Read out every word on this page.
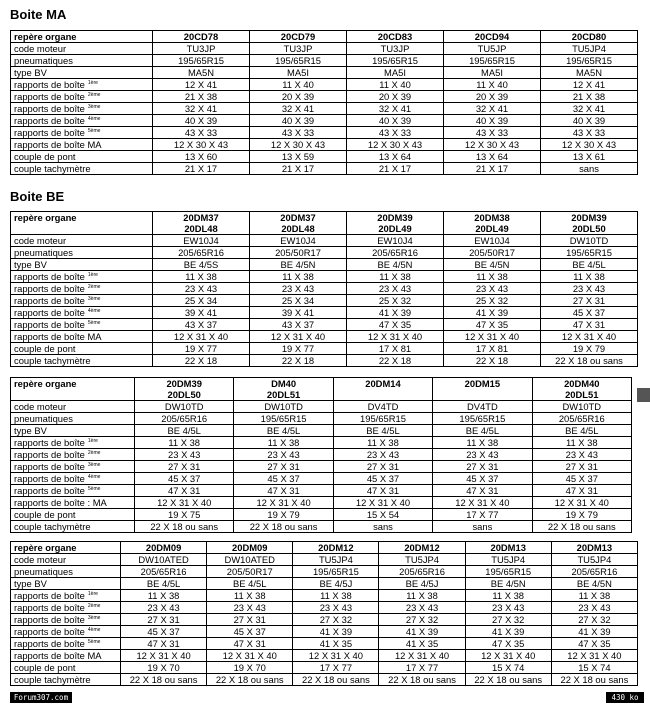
Boite MA
repère organe	20CD78	20CD79	20CD83	20CD94	20CD80
code moteur	TU3JP	TU3JP	TU3JP	TU5JP	TU5JP4
pneumatiques	195/65R15	195/65R15	195/65R15	195/65R15	195/65R15
type BV	MA5N	MA5I	MA5I	MA5I	MA5N
rapports de boîte $^{1ère}$	12 X 41	11 X 40	11 X 40	11 X 40	12 X 41
rapports de boîte $^{2ème}$	21 X 38	20 X 39	20 X 39	20 X 39	21 X 38
rapports de boîte $^{3ème}$	32 X 41	32 X 41	32 X 41	32 X 41	32 X 41
rapports de boîte $^{4ème}$	40 X 39	40 X 39	40 X 39	40 X 39	40 X 39
rapports de boîte $^{5ème}$	43 X 33	43 X 33	43 X 33	43 X 33	43 X 33
rapports de boîte MA	12 X 30 X 43	12 X 30 X 43	12 X 30 X 43	12 X 30 X 43	12 X 30 X 43
couple de pont	13 X 60	13 X 59	13 X 64	13 X 64	13 X 61
couple tachymètre	21 X 17	21 X 17	21 X 17	21 X 17	sans
Boite BE
repère organe	20DM37	20DM37	20DM39	20DM38	20DM39
	20DL48	20DL48	20DL49	20DL49	20DL50
code moteur	EW10J4	EW10J4	EW10J4	EW10J4	DW10TD
pneumatiques	205/65R16	205/50R17	205/65R16	205/50R17	195/65R15
type BV	BE 4/5S	BE 4/5N	BE 4/5N	BE 4/5N	BE 4/5L
rapports de boîte $^{1ère}$	11 X 38	11 X 38	11 X 38	11 X 38	11 X 38
rapports de boîte $^{2ème}$	23 X 43	23 X 43	23 X 43	23 X 43	23 X 43
rapports de boîte $^{3ème}$	25 X 34	25 X 34	25 X 32	25 X 32	27 X 31
rapports de boîte $^{4ème}$	39 X 41	39 X 41	41 X 39	41 X 39	45 X 37
rapports de boîte $^{5ème}$	43 X 37	43 X 37	47 X 35	47 X 35	47 X 31
rapports de boîte MA	12 X 31 X 40	12 X 31 X 40	12 X 31 X 40	12 X 31 X 40	12 X 31 X 40
couple de pont	19 X 77	19 X 77	17 X 81	17 X 81	19 X 79
couple tachymètre	22 X 18	22 X 18	22 X 18	22 X 18	22 X 18 ou sans
repère organe	20DM39	DM40	20DM14	20DM15	20DM40
	20DL50	20DL51			20DL51
code moteur	DW10TD	DW10TD	DV4TD	DV4TD	DW10TD
pneumatiques	205/65R16	195/65R15	195/65R15	195/65R15	205/65R16
type BV	BE 4/5L	BE 4/5L	BE 4/5L	BE 4/5L	BE 4/5L
rapports de boîte $^{1ère}$	11 X 38	11 X 38	11 X 38	11 X 38	11 X 38
rapports de boîte $^{2ème}$	23 X 43	23 X 43	23 X 43	23 X 43	23 X 43
rapports de boîte $^{3ème}$	27 X 31	27 X 31	27 X 31	27 X 31	27 X 31
rapports de boîte $^{4ème}$	45 X 37	45 X 37	45 X 37	45 X 37	45 X 37
rapports de boîte $^{5ème}$	47 X 31	47 X 31	47 X 31	47 X 31	47 X 31
rapports de boîte : MA	12 X 31 X 40	12 X 31 X 40	12 X 31 X 40	12 X 31 X 40	12 X 31 X 40
couple de pont	19 X 75	19 X 79	15 X 54	17 X 77	19 X 79
couple tachymètre	22 X 18 ou sans	22 X 18 ou sans	sans	sans	22 X 18 ou sans
repère organe	20DM09	20DM09	20DM12	20DM12	20DM13	20DM13
code moteur	DW10ATED	DW10ATED	TU5JP4	TU5JP4	TU5JP4	TU5JP4
pneumatiques	205/65R16	205/50R17	195/65R15	205/65R16	195/65R15	205/65R16
type BV	BE 4/5L	BE 4/5L	BE 4/5J	BE 4/5J	BE 4/5N	BE 4/5N
rapports de boîte $^{1ère}$	11 X 38	11 X 38	11 X 38	11 X 38	11 X 38	11 X 38
rapports de boîte $^{2ème}$	23 X 43	23 X 43	23 X 43	23 X 43	23 X 43	23 X 43
rapports de boîte $^{3ème}$	27 X 31	27 X 31	27 X 32	27 X 32	27 X 32	27 X 32
rapports de boîte $^{4ème}$	45 X 37	45 X 37	41 X 39	41 X 39	41 X 39	41 X 39
rapports de boîte $^{5ème}$	47 X 31	47 X 31	41 X 35	41 X 35	47 X 35	47 X 35
rapports de boîte MA	12 X 31 X 40	12 X 31 X 40	12 X 31 X 40	12 X 31 X 40	12 X 31 X 40	12 X 31 X 40
couple de pont	19 X 70	19 X 70	17 X 77	17 X 77	15 X 74	15 X 74
couple tachymètre	22 X 18 ou sans	22 X 18 ou sans	22 X 18 ou sans	22 X 18 ou sans	22 X 18 ou sans	22 X 18 ou sans
Forum307.com	430 ko
